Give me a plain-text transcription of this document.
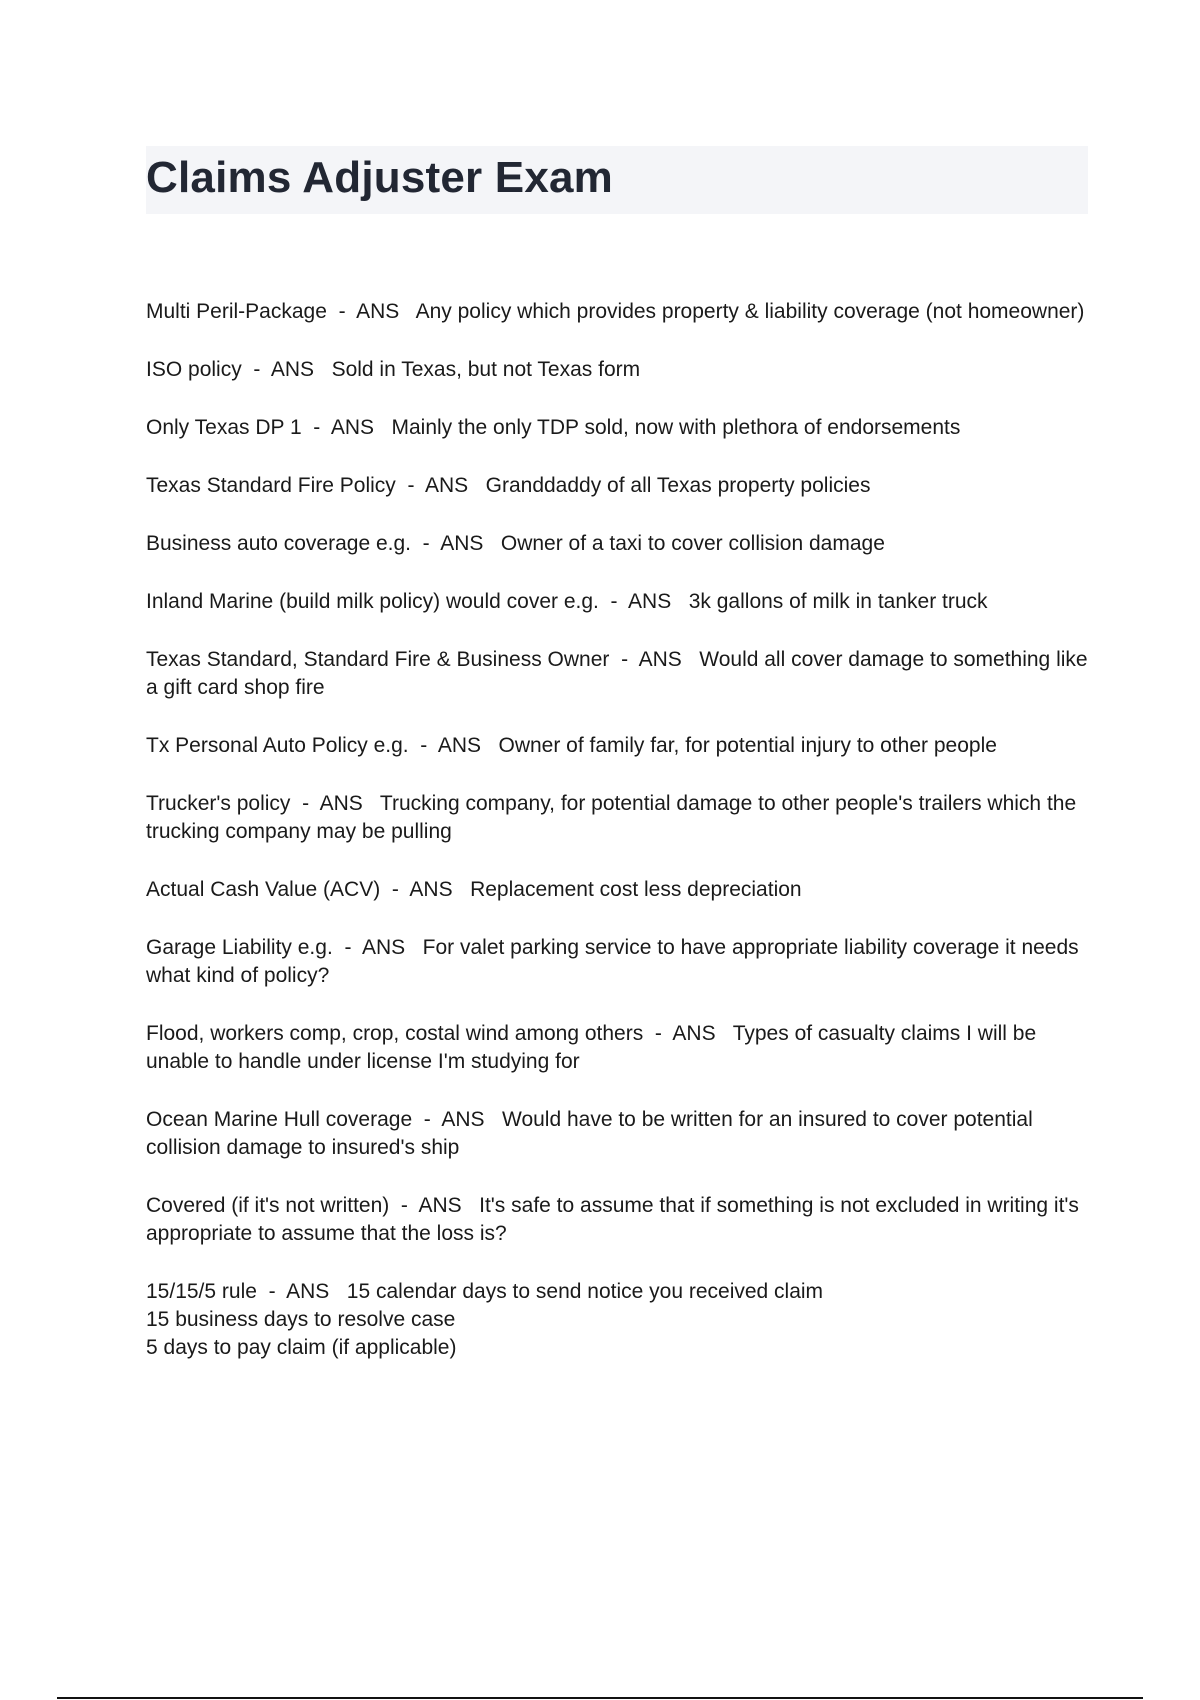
Claims Adjuster Exam
Multi Peril-Package  -  ANS   Any policy which provides property & liability coverage (not homeowner)
ISO policy  -  ANS   Sold in Texas, but not Texas form
Only Texas DP 1  -  ANS   Mainly the only TDP sold, now with plethora of endorsements
Texas Standard Fire Policy  -  ANS   Granddaddy of all Texas property policies
Business auto coverage e.g.  -  ANS   Owner of a taxi to cover collision damage
Inland Marine (build milk policy) would cover e.g.  -  ANS   3k gallons of milk in tanker truck
Texas Standard, Standard Fire & Business Owner  -  ANS   Would all cover damage to something like a gift card shop fire
Tx Personal Auto Policy e.g.  -  ANS   Owner of family far, for potential injury to other people
Trucker's policy  -  ANS   Trucking company, for potential damage to other people's trailers which the trucking company may be pulling
Actual Cash Value (ACV)  -  ANS   Replacement cost less depreciation
Garage Liability e.g.  -  ANS   For valet parking service to have appropriate liability coverage it needs what kind of policy?
Flood, workers comp, crop, costal wind among others  -  ANS   Types of casualty claims I will be unable to handle under license I'm studying for
Ocean Marine Hull coverage  -  ANS   Would have to be written for an insured to cover potential collision damage to insured's ship
Covered (if it's not written)  -  ANS   It's safe to assume that if something is not excluded in writing it's appropriate to assume that the loss is?
15/15/5 rule  -  ANS   15 calendar days to send notice you received claim
15 business days to resolve case
5 days to pay claim (if applicable)
